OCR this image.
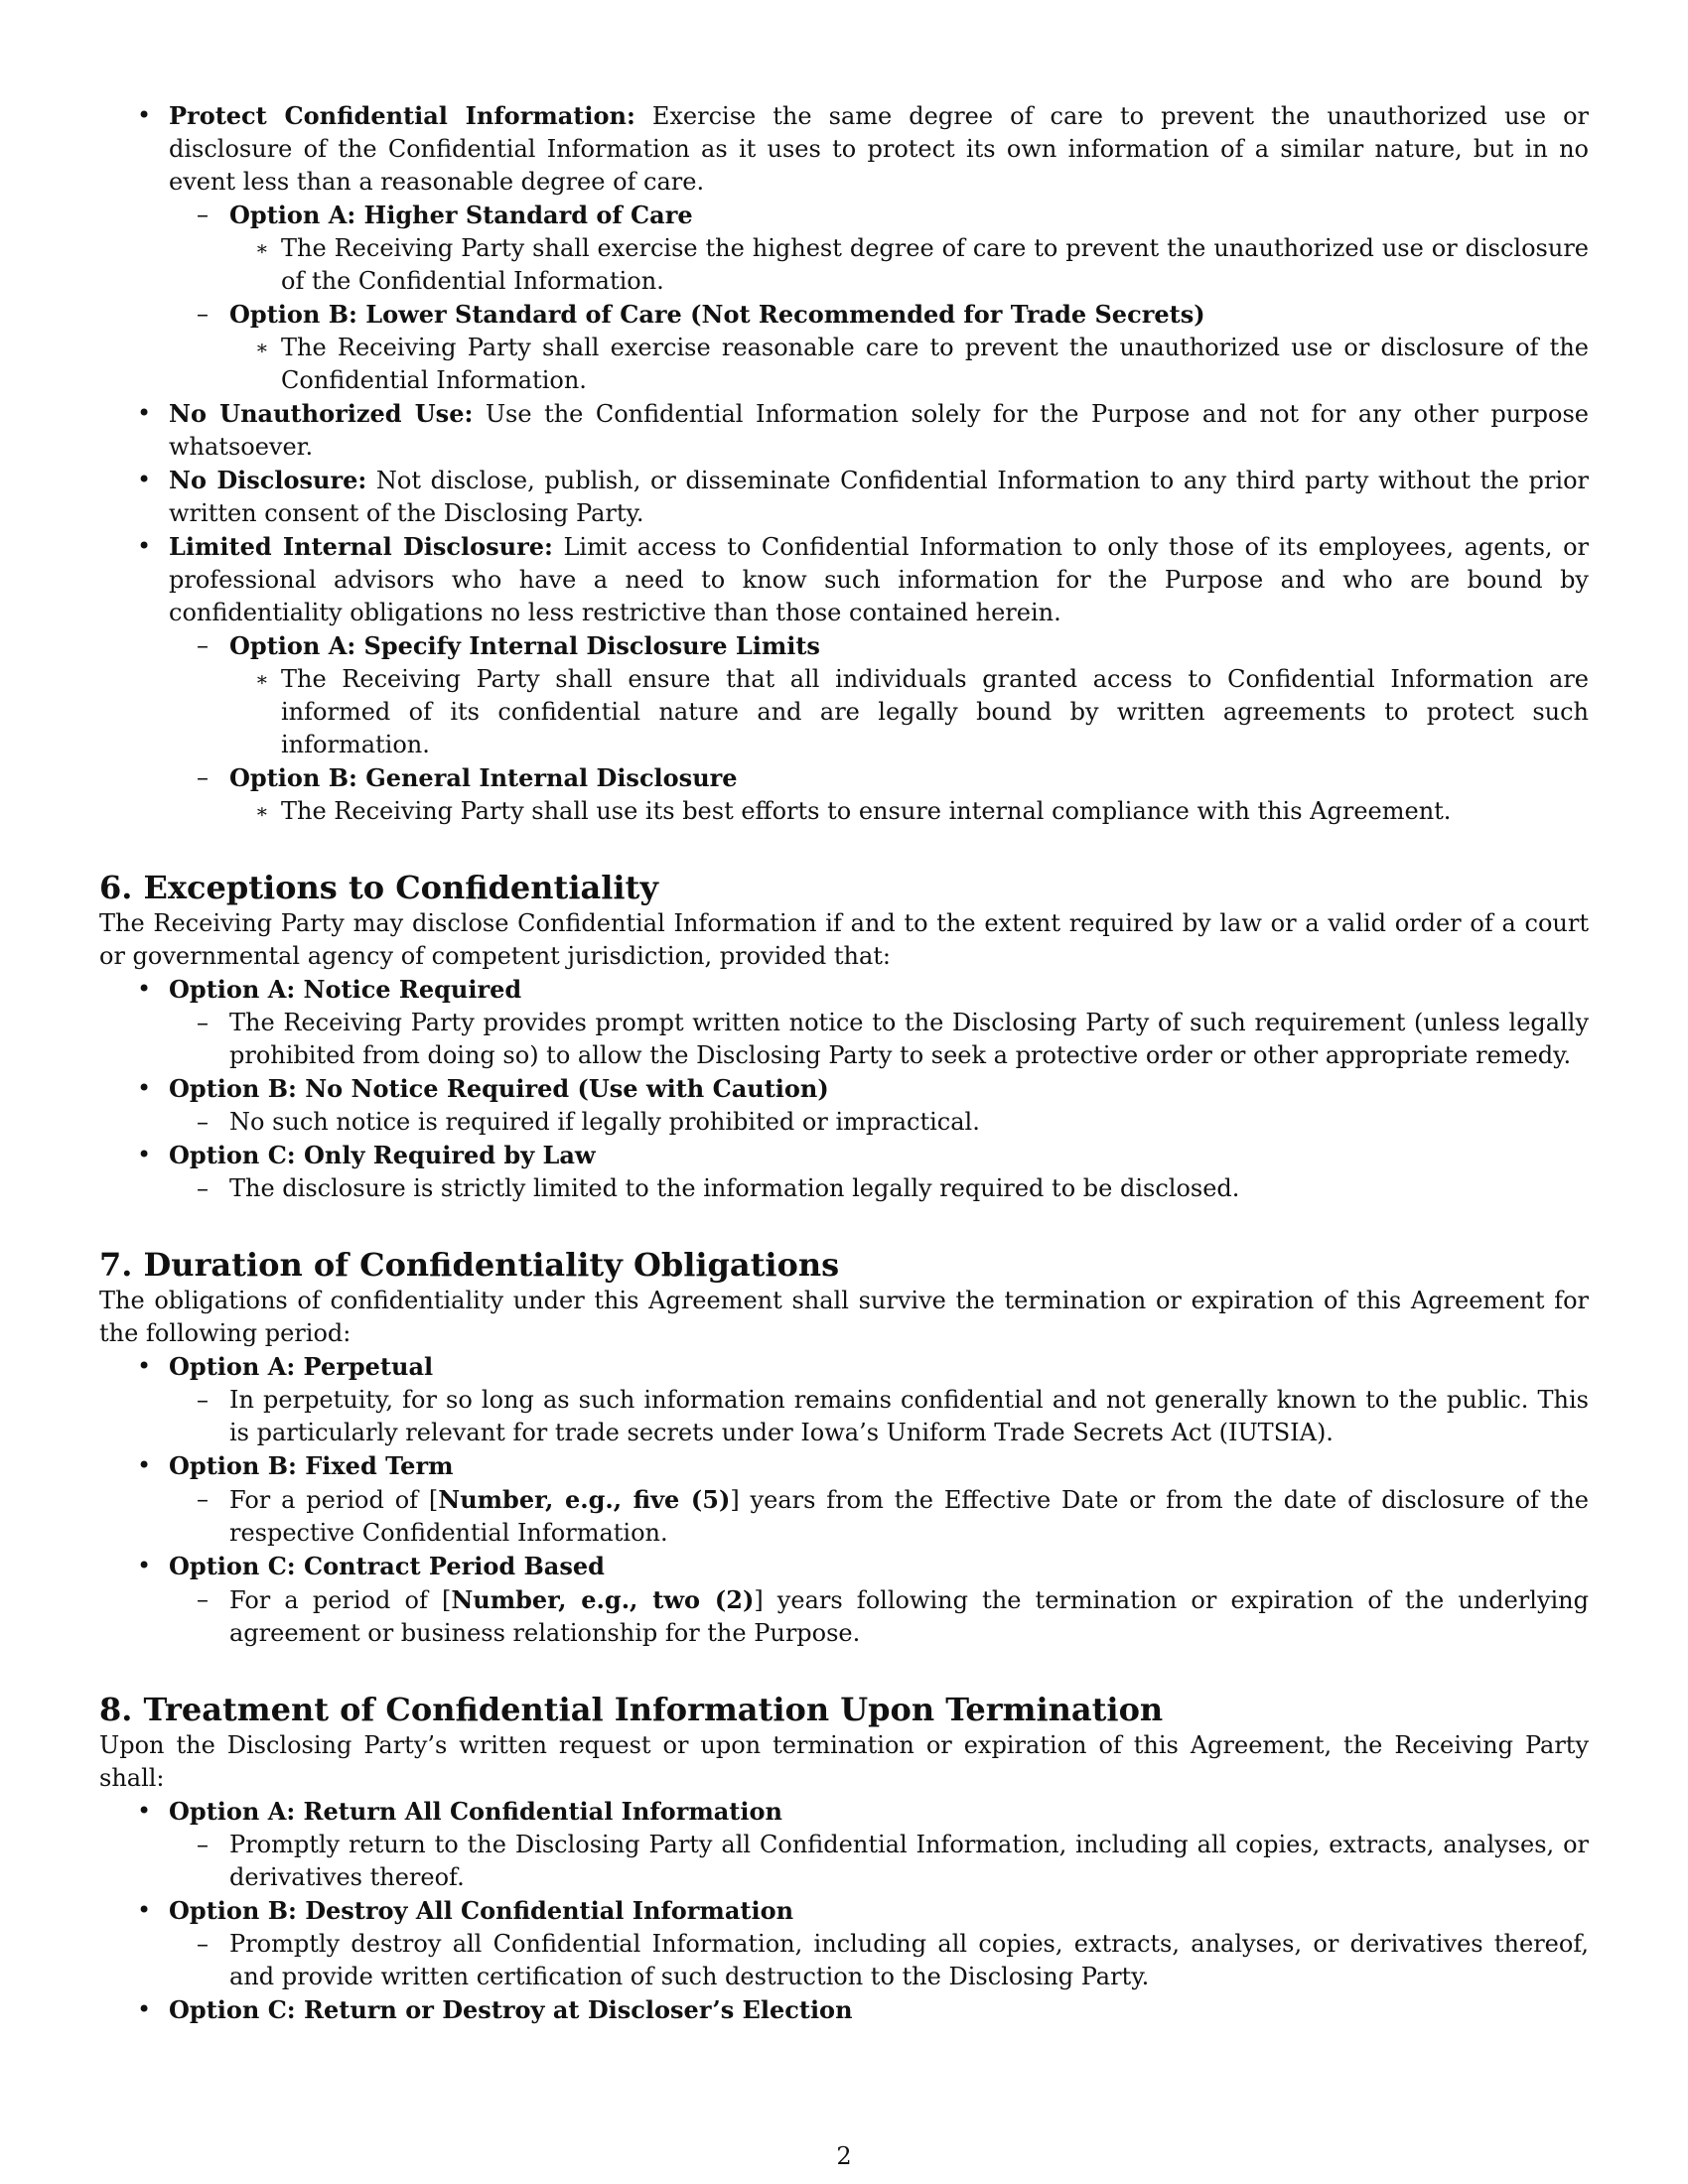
• Protect Confidential Information: Exercise the same degree of care to prevent the unauthorized use or disclosure of the Confidential Information as it uses to protect its own information of a similar nature, but in no event less than a reasonable degree of care.
– Option A: Higher Standard of Care
∗ The Receiving Party shall exercise the highest degree of care to prevent the unauthorized use or disclosure of the Confidential Information.
– Option B: Lower Standard of Care (Not Recommended for Trade Secrets)
∗ The Receiving Party shall exercise reasonable care to prevent the unauthorized use or disclosure of the Confidential Information.
• No Unauthorized Use: Use the Confidential Information solely for the Purpose and not for any other purpose whatsoever.
• No Disclosure: Not disclose, publish, or disseminate Confidential Information to any third party without the prior written consent of the Disclosing Party.
• Limited Internal Disclosure: Limit access to Confidential Information to only those of its employees, agents, or professional advisors who have a need to know such information for the Purpose and who are bound by confidentiality obligations no less restrictive than those contained herein.
– Option A: Specify Internal Disclosure Limits
∗ The Receiving Party shall ensure that all individuals granted access to Confidential Information are informed of its confidential nature and are legally bound by written agreements to protect such information.
– Option B: General Internal Disclosure
∗ The Receiving Party shall use its best efforts to ensure internal compliance with this Agreement.
6. Exceptions to Confidentiality

The Receiving Party may disclose Confidential Information if and to the extent required by law or a valid order of a court or governmental agency of competent jurisdiction, provided that:

• Option A: Notice Required
– The Receiving Party provides prompt written notice to the Disclosing Party of such requirement (unless legally prohibited from doing so) to allow the Disclosing Party to seek a protective order or other appropriate remedy.
• Option B: No Notice Required (Use with Caution)
– No such notice is required if legally prohibited or impractical.
• Option C: Only Required by Law
– The disclosure is strictly limited to the information legally required to be disclosed.
7. Duration of Confidentiality Obligations

The obligations of confidentiality under this Agreement shall survive the termination or expiration of this Agreement for the following period:

• Option A: Perpetual
– In perpetuity, for so long as such information remains confidential and not generally known to the public. This is particularly relevant for trade secrets under Iowa’s Uniform Trade Secrets Act (IUTSIA).
• Option B: Fixed Term
– For a period of [Number, e.g., five (5)] years from the Effective Date or from the date of disclosure of the respective Confidential Information.
• Option C: Contract Period Based
– For a period of [Number, e.g., two (2)] years following the termination or expiration of the underlying agreement or business relationship for the Purpose.
8. Treatment of Confidential Information Upon Termination

Upon the Disclosing Party’s written request or upon termination or expiration of this Agreement, the Receiving Party shall:

• Option A: Return All Confidential Information
– Promptly return to the Disclosing Party all Confidential Information, including all copies, extracts, analyses, or derivatives thereof.
• Option B: Destroy All Confidential Information
– Promptly destroy all Confidential Information, including all copies, extracts, analyses, or derivatives thereof, and provide written certification of such destruction to the Disclosing Party.
• Option C: Return or Destroy at Discloser’s Election
2
